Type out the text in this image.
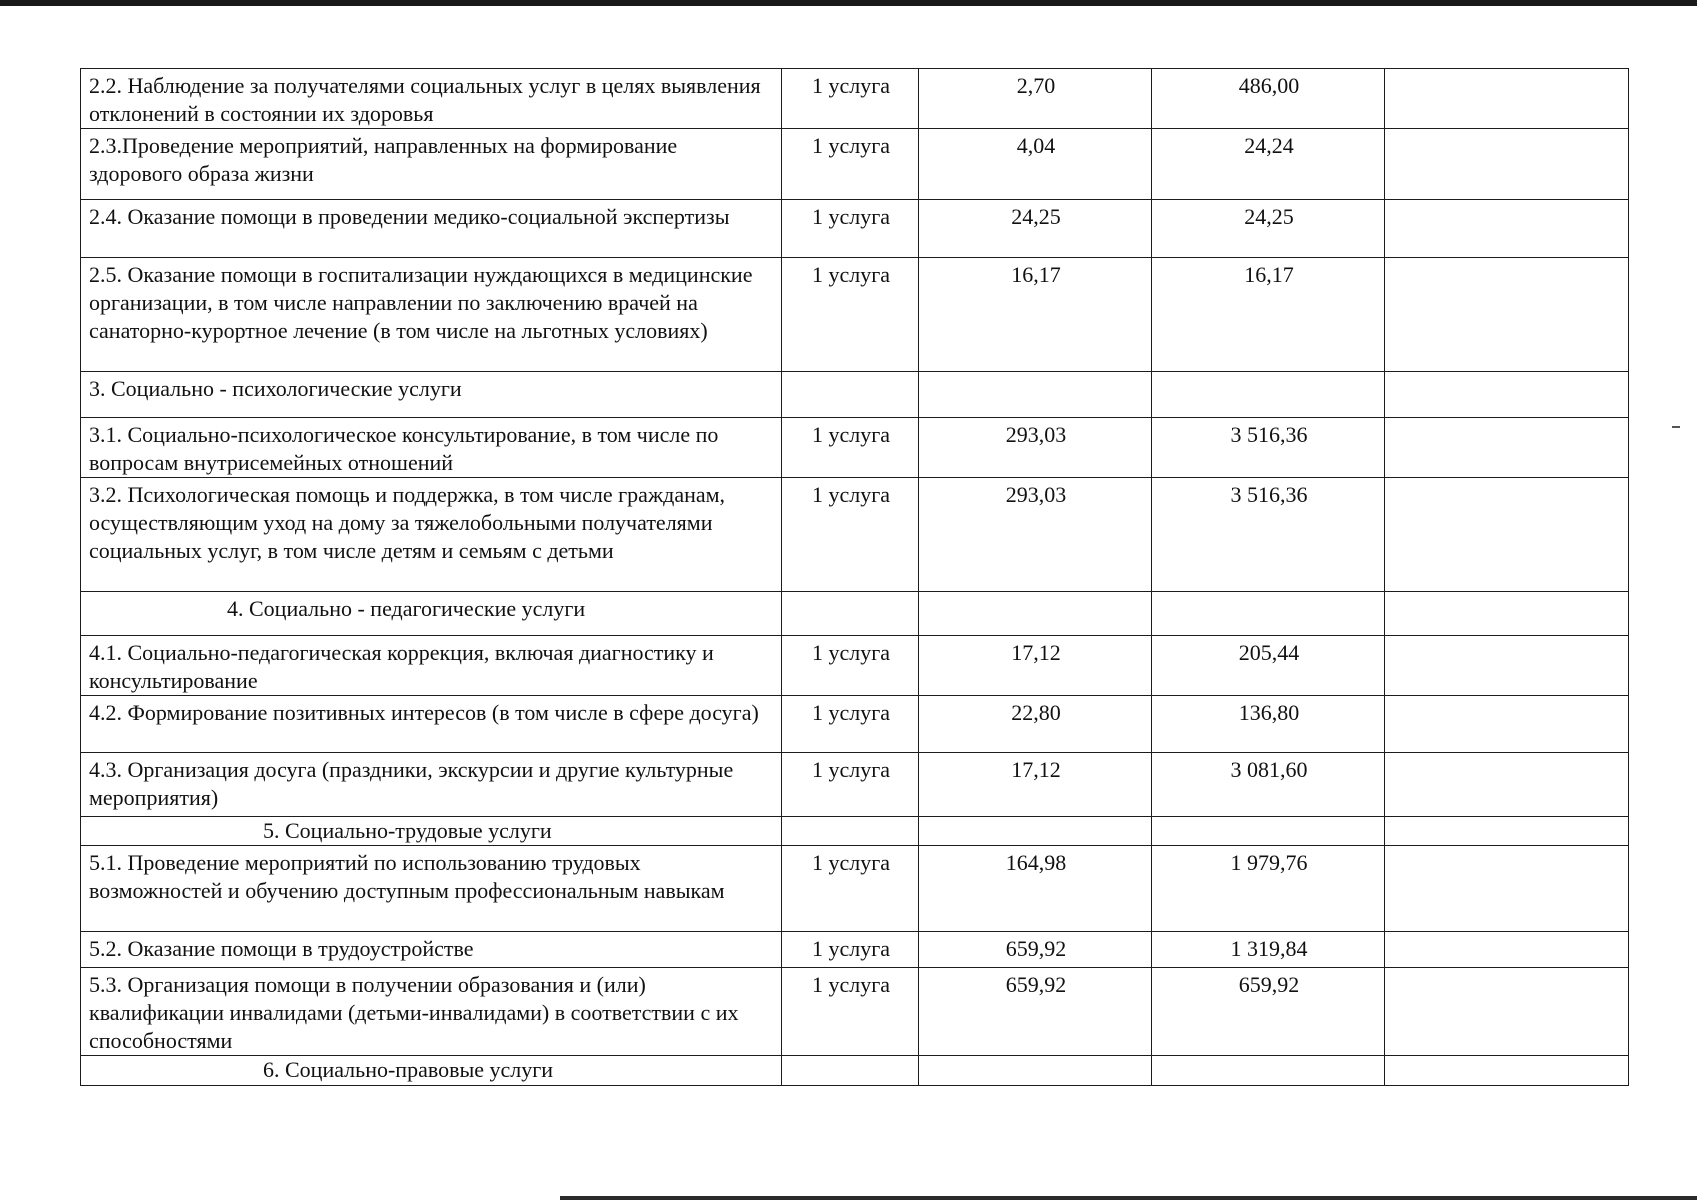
2.2. Наблюдение за получателями социальных услуг в целях выявления отклонений в состоянии их здоровья	1 услуга	2,70	486,00	
2.3.Проведение мероприятий, направленных на формирование здорового образа жизни	1 услуга	4,04	24,24	
2.4. Оказание помощи в проведении медико-социальной экспертизы	1 услуга	24,25	24,25	
2.5. Оказание помощи в госпитализации нуждающихся в медицинские организации, в том числе направлении по заключению врачей на санаторно-курортное лечение (в том числе на льготных условиях)	1 услуга	16,17	16,17	
3. Социально - психологические услуги				
3.1. Социально-психологическое консультирование, в том числе по вопросам внутрисемейных отношений	1 услуга	293,03	3 516,36	
3.2. Психологическая помощь и поддержка, в том числе гражданам, осуществляющим уход на дому за тяжелобольными получателями социальных услуг, в том числе детям и семьям с детьми	1 услуга	293,03	3 516,36	
4. Социально - педагогические услуги				
4.1. Социально-педагогическая коррекция, включая диагностику и консультирование	1 услуга	17,12	205,44	
4.2. Формирование позитивных интересов (в том числе в сфере досуга)	1 услуга	22,80	136,80	
4.3. Организация досуга (праздники, экскурсии и другие культурные мероприятия)	1 услуга	17,12	3 081,60	
5. Социально-трудовые услуги				
5.1. Проведение мероприятий по использованию трудовых возможностей и обучению доступным профессиональным навыкам	1 услуга	164,98	1 979,76	
5.2. Оказание помощи в трудоустройстве	1 услуга	659,92	1 319,84	
5.3. Организация помощи в получении образования и (или) квалификации инвалидами (детьми-инвалидами) в соответствии с их способностями	1 услуга	659,92	659,92	
6. Социально-правовые услуги				
